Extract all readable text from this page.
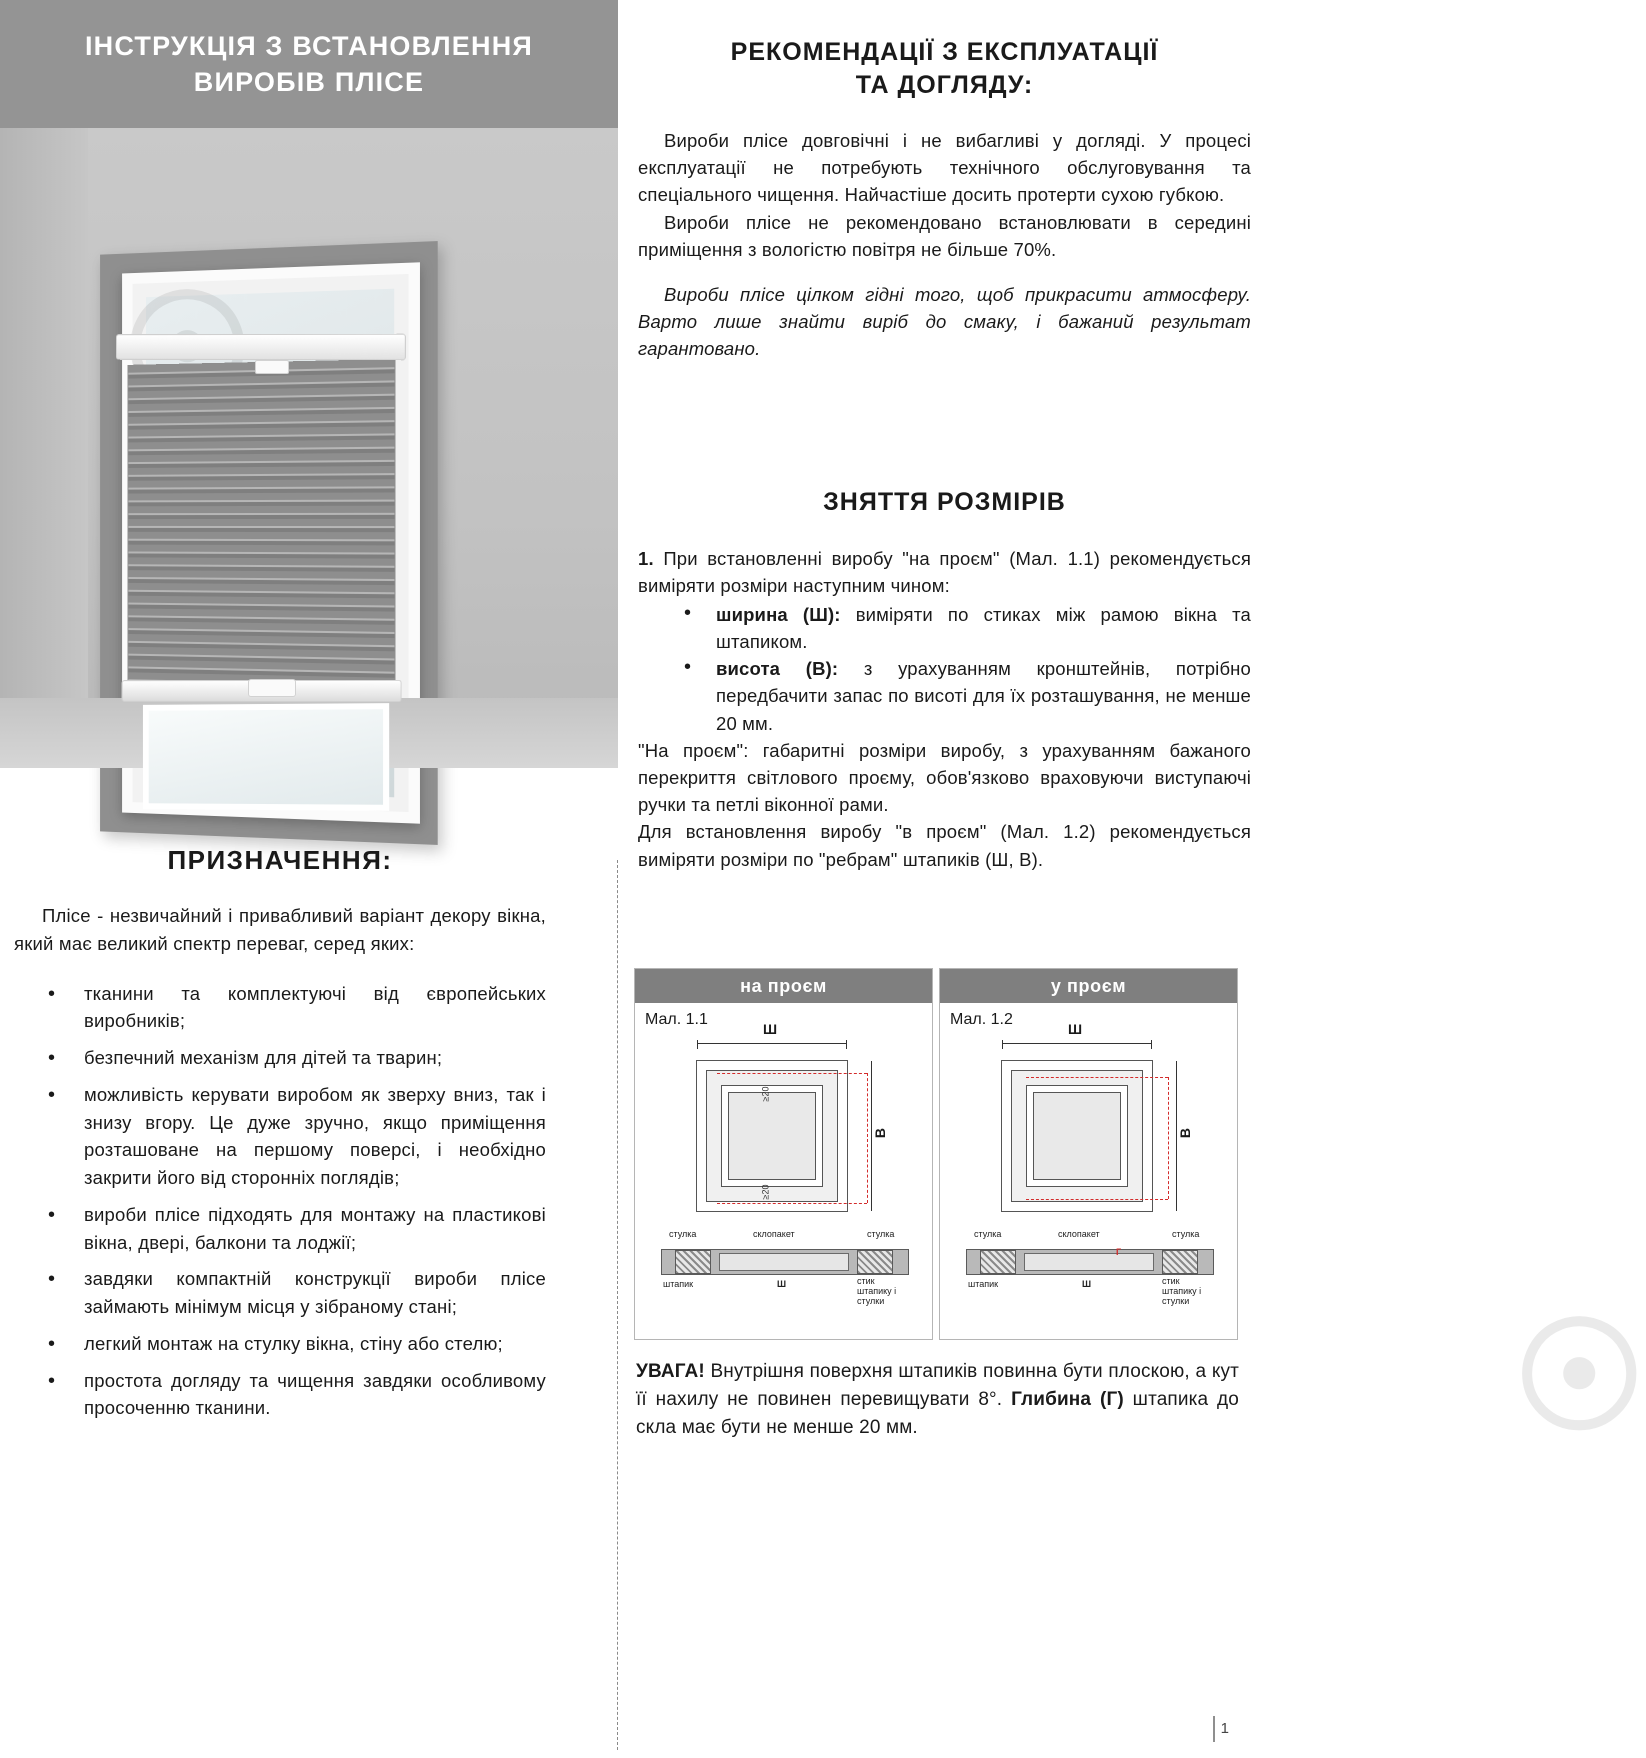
ІНСТРУКЦІЯ З ВСТАНОВЛЕННЯ
ВИРОБІВ ПЛІСЕ
ПРИЗНАЧЕННЯ:

Пліcе - незвичайний і привабливий варіант декору вікна, який має великий спектр переваг, серед яких:

• тканини та комплектуючі від європейських виробників;
• безпечний механізм для дітей та тварин;
• можливість керувати виробом як зверху вниз, так і знизу вгору. Це дуже зручно, якщо приміщення розташоване на першому поверсі, і необхідно закрити його від сторонніх поглядів;
• вироби пліcе підходять для монтажу на пластикові вікна, двері, балкони та лоджії;
• завдяки компактній конструкції вироби пліcе займають мінімум місця у зібраному стані;
• легкий монтаж на стулку вікна, стіну або стелю;
• простота догляду та чищення завдяки особливому просоченню тканини.
РЕКОМЕНДАЦІЇ З ЕКСПЛУАТАЦІЇ
ТА ДОГЛЯДУ:

Вироби пліcе довговічні і не вибагливі у догляді. У процесі експлуатації не потребують технічного обслуговування та спеціального чищення. Найчастіше досить протерти сухою губкою.

Вироби пліcе не рекомендовано встановлювати в середині приміщення з вологістю повітря не більше 70%.

Вироби пліcе цілком гідні того, щоб прикрасити атмосферу. Варто лише знайти виріб до смаку, і бажаний результат гарантовано.

ЗНЯТТЯ РОЗМІРІВ

1. При встановленні виробу "на проєм" (Мал. 1.1) рекомендується виміряти розміри наступним чином:

• ширина (Ш): виміряти по стиках між рамою вікна та штапиком.
• висота (В): з урахуванням кронштейнів, потрібно передбачити запас по висоті для їх розташування, не менше 20 мм.

"На проєм": габаритні розміри виробу, з урахуванням бажаного перекриття світлового проєму, обов'язково враховуючи виступаючі ручки та петлі віконної рами.

Для встановлення виробу "в проєм" (Мал. 1.2) рекомендується виміряти розміри по "ребрам" штапиків (Ш, В).

на проєм
Мал. 1.1
Ш
В
≥20
≥20
стулка	склопакет	стулка
штапик	Ш	стик штапику і стулки
у проєм
Мал. 1.2
Ш
В
стулка	склопакет	стулка
штапик	Ш	стик штапику і стулки
Г
УВАГА! Внутрішня поверхня штапиків повинна бути плоскою, а кут її нахилу не повинен перевищувати 8°. Глибина (Г) штапика до скла має бути не менше 20 мм.	☉
1
